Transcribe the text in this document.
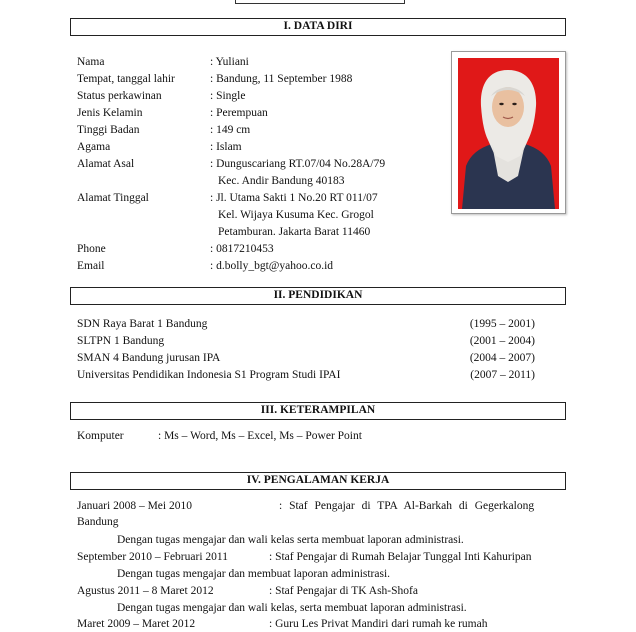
I. DATA DIRI
Nama	: Yuliani
Tempat, tanggal lahir	: Bandung, 11 September 1988
Status perkawinan	: Single
Jenis Kelamin	: Perempuan
Tinggi Badan	: 149 cm
Agama	: Islam
Alamat Asal	: Dunguscariang RT.07/04 No.28A/79
Kec. Andir Bandung 40183
Alamat Tinggal	: Jl. Utama Sakti 1 No.20 RT 011/07
Kel. Wijaya Kusuma Kec. Grogol
Petamburan. Jakarta Barat 11460
Phone	: 0817210453
Email	: d.bolly_bgt@yahoo.co.id
II. PENDIDIKAN
SDN Raya Barat 1 Bandung	(1995 – 2001)
SLTPN 1 Bandung	(2001 – 2004)
SMAN 4 Bandung jurusan IPA	(2004 – 2007)
Universitas Pendidikan Indonesia S1 Program Studi IPAI	(2007 – 2011)
III. KETERAMPILAN
Komputer	: Ms – Word, Ms – Excel, Ms – Power Point
IV. PENGALAMAN KERJA
Januari 2008 – Mei 2010	: Staf Pengajar di TPA Al-Barkah di Gegerkalong
Bandung
Dengan tugas mengajar dan wali kelas serta membuat laporan administrasi.
September 2010 – Februari 2011	: Staf Pengajar di Rumah Belajar Tunggal Inti Kahuripan
Dengan tugas mengajar dan membuat laporan administrasi.
Agustus 2011 – 8 Maret 2012	: Staf Pengajar di TK Ash-Shofa
Dengan tugas mengajar dan wali kelas, serta membuat laporan administrasi.
Maret 2009 – Maret 2012	: Guru Les Privat Mandiri dari rumah ke rumah
